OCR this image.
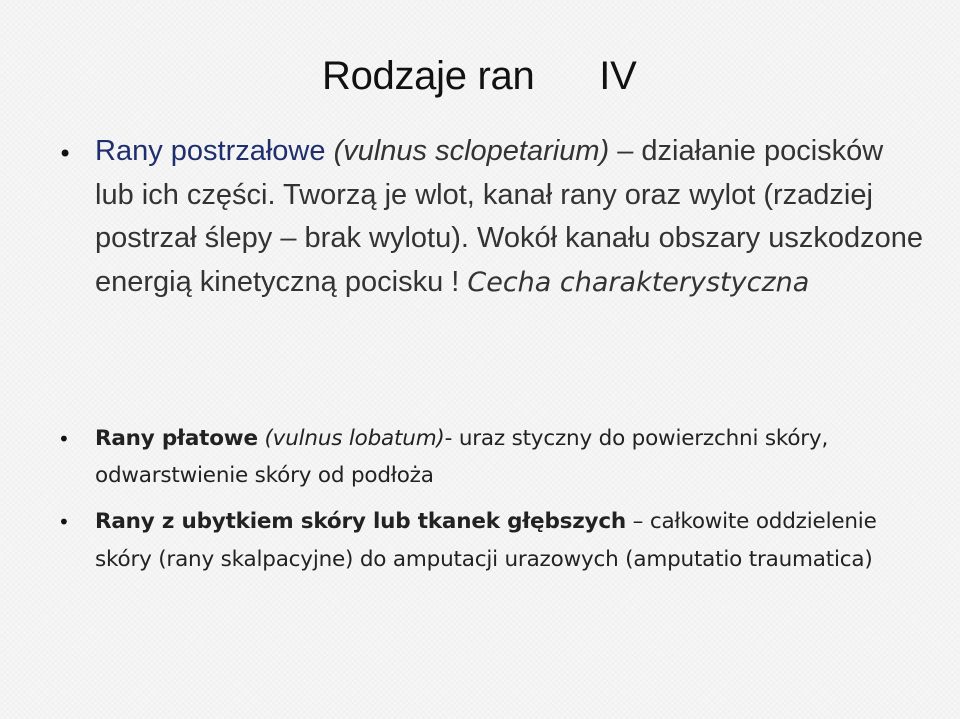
Rodzaje ran      IV
• Rany postrzałowe (vulnus sclopetarium) – działanie pocisków lub ich części. Tworzą je wlot, kanał rany oraz wylot (rzadziej postrzał ślepy – brak wylotu). Wokół kanału obszary uszkodzone energią kinetyczną pocisku ! Cecha charakterystyczna
• Rany płatowe (vulnus lobatum)- uraz styczny do powierzchni skóry, odwarstwienie skóry od podłoża
• Rany z ubytkiem skóry lub tkanek głębszych – całkowite oddzielenie skóry (rany skalpacyjne) do amputacji urazowych (amputatio traumatica)
